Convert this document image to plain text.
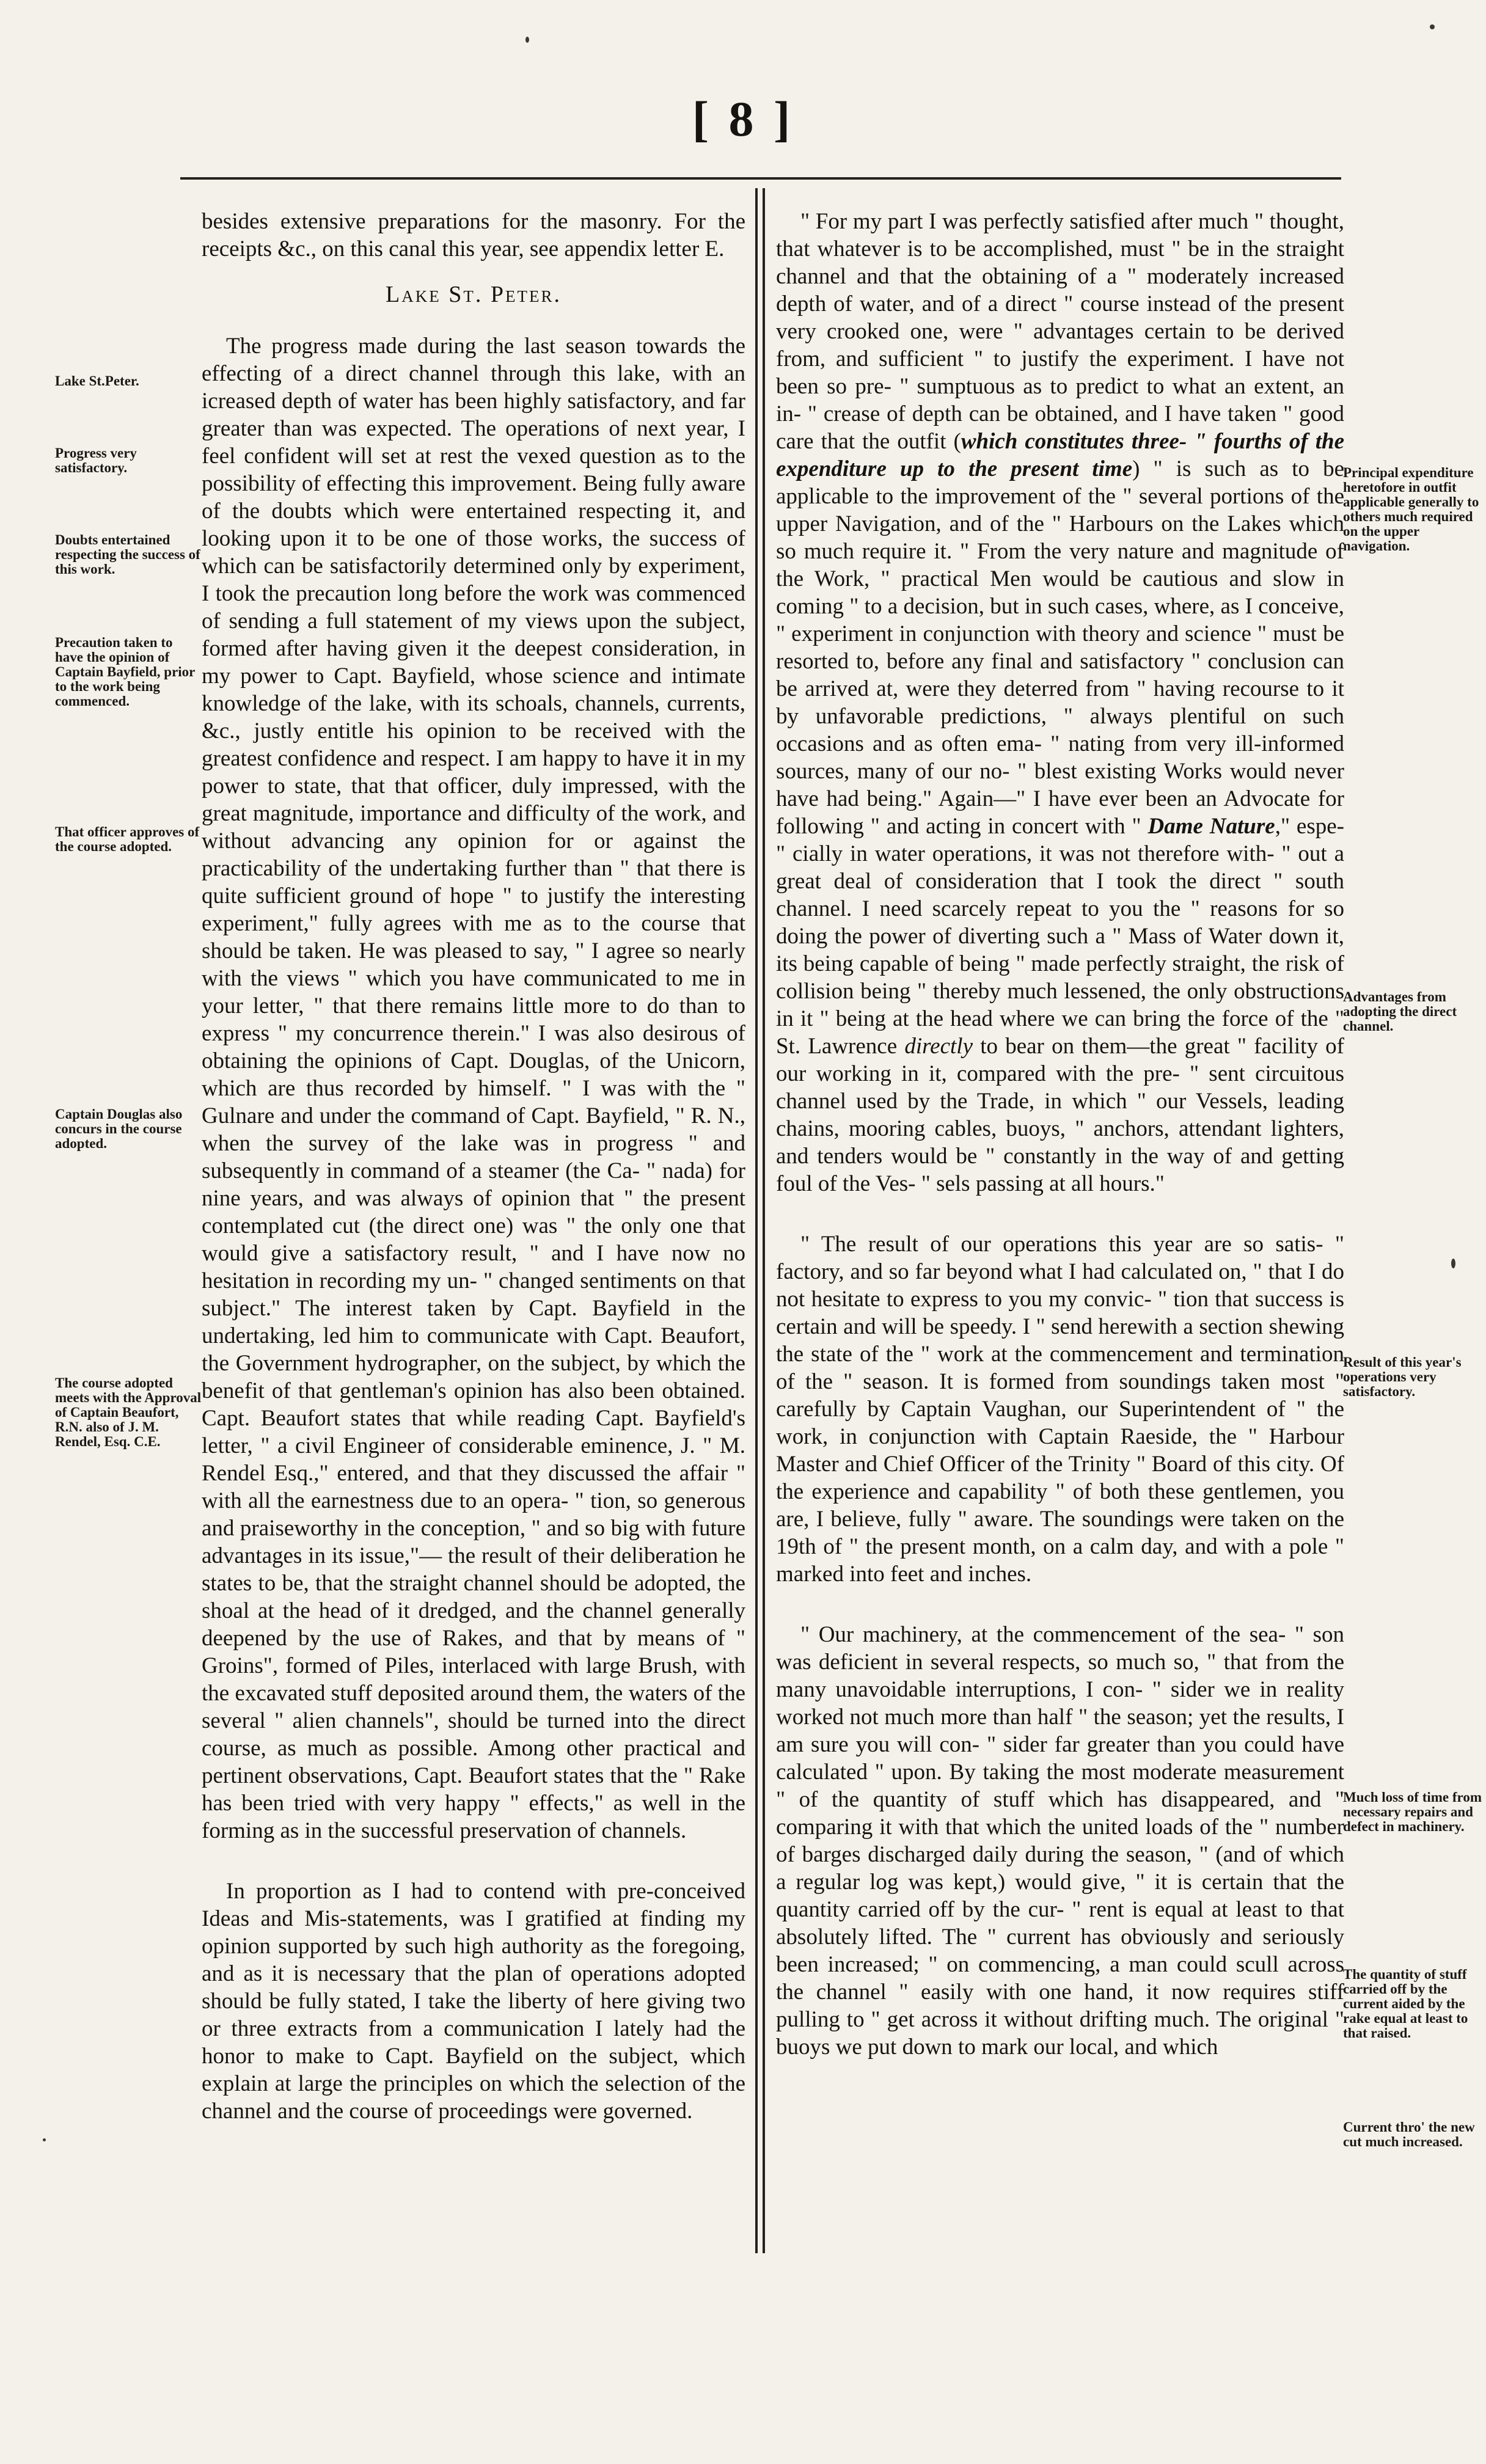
[ 8 ]

besides extensive preparations for the masonry. For the receipts &c., on this canal this year, see appendix letter E.

Lake St. Peter.

The progress made during the last season towards the effecting of a direct channel through this lake, with an icreased depth of water has been highly satisfactory, and far greater than was expected. The operations of next year, I feel confident will set at rest the vexed question as to the possibility of effecting this improvement. Being fully aware of the doubts which were entertained respecting it, and looking upon it to be one of those works, the success of which can be satisfactorily determined only by experiment, I took the precaution long before the work was commenced of sending a full statement of my views upon the subject, formed after having given it the deepest consideration, in my power to Capt. Bayfield, whose science and intimate knowledge of the lake, with its schoals, channels, currents, &c., justly entitle his opinion to be received with the greatest confidence and respect. I am happy to have it in my power to state, that that officer, duly impressed, with the great magnitude, importance and difficulty of the work, and without advancing any opinion for or against the practicability of the undertaking further than " that there is quite sufficient ground of hope " to justify the interesting experiment," fully agrees with me as to the course that should be taken. He was pleased to say, " I agree so nearly with the views " which you have communicated to me in your letter, " that there remains little more to do than to express " my concurrence therein." I was also desirous of obtaining the opinions of Capt. Douglas, of the Unicorn, which are thus recorded by himself. " I was with the " Gulnare and under the command of Capt. Bayfield, " R. N., when the survey of the lake was in progress " and subsequently in command of a steamer (the Ca- " nada) for nine years, and was always of opinion that " the present contemplated cut (the direct one) was " the only one that would give a satisfactory result, " and I have now no hesitation in recording my un- " changed sentiments on that subject." The interest taken by Capt. Bayfield in the undertaking, led him to communicate with Capt. Beaufort, the Government hydrographer, on the subject, by which the benefit of that gentleman's opinion has also been obtained. Capt. Beaufort states that while reading Capt. Bayfield's letter, " a civil Engineer of considerable eminence, J. " M. Rendel Esq.," entered, and that they discussed the affair " with all the earnestness due to an opera- " tion, so generous and praiseworthy in the conception, " and so big with future advantages in its issue,"— the result of their deliberation he states to be, that the straight channel should be adopted, the shoal at the head of it dredged, and the channel generally deepened by the use of Rakes, and that by means of " Groins", formed of Piles, interlaced with large Brush, with the excavated stuff deposited around them, the waters of the several " alien channels", should be turned into the direct course, as much as possible. Among other practical and pertinent observations, Capt. Beaufort states that the " Rake has been tried with very happy " effects," as well in the forming as in the successful preservation of channels.

In proportion as I had to contend with pre-conceived Ideas and Mis-statements, was I gratified at finding my opinion supported by such high authority as the foregoing, and as it is necessary that the plan of operations adopted should be fully stated, I take the liberty of here giving two or three extracts from a communication I lately had the honor to make to Capt. Bayfield on the subject, which explain at large the principles on which the selection of the channel and the course of proceedings were governed.

" For my part I was perfectly satisfied after much " thought, that whatever is to be accomplished, must " be in the straight channel and that the obtaining of a " moderately increased depth of water, and of a direct " course instead of the present very crooked one, were " advantages certain to be derived from, and sufficient " to justify the experiment. I have not been so pre- " sumptuous as to predict to what an extent, an in- " crease of depth can be obtained, and I have taken " good care that the outfit (which constitutes three- " fourths of the expenditure up to the present time) " is such as to be applicable to the improvement of the " several portions of the upper Navigation, and of the " Harbours on the Lakes which so much require it. " From the very nature and magnitude of the Work, " practical Men would be cautious and slow in coming " to a decision, but in such cases, where, as I conceive, " experiment in conjunction with theory and science " must be resorted to, before any final and satisfactory " conclusion can be arrived at, were they deterred from " having recourse to it by unfavorable predictions, " always plentiful on such occasions and as often ema- " nating from very ill-informed sources, many of our no- " blest existing Works would never have had being." Again—" I have ever been an Advocate for following " and acting in concert with " Dame Nature," espe- " cially in water operations, it was not therefore with- " out a great deal of consideration that I took the direct " south channel. I need scarcely repeat to you the " reasons for so doing the power of diverting such a " Mass of Water down it, its being capable of being " made perfectly straight, the risk of collision being " thereby much lessened, the only obstructions in it " being at the head where we can bring the force of the " St. Lawrence directly to bear on them—the great " facility of our working in it, compared with the pre- " sent circuitous channel used by the Trade, in which " our Vessels, leading chains, mooring cables, buoys, " anchors, attendant lighters, and tenders would be " constantly in the way of and getting foul of the Ves- " sels passing at all hours."

" The result of our operations this year are so satis- " factory, and so far beyond what I had calculated on, " that I do not hesitate to express to you my convic- " tion that success is certain and will be speedy. I " send herewith a section shewing the state of the " work at the commencement and termination of the " season. It is formed from soundings taken most " carefully by Captain Vaughan, our Superintendent of " the work, in conjunction with Captain Raeside, the " Harbour Master and Chief Officer of the Trinity " Board of this city. Of the experience and capability " of both these gentlemen, you are, I believe, fully " aware. The soundings were taken on the 19th of " the present month, on a calm day, and with a pole " marked into feet and inches.

" Our machinery, at the commencement of the sea- " son was deficient in several respects, so much so, " that from the many unavoidable interruptions, I con- " sider we in reality worked not much more than half " the season; yet the results, I am sure you will con- " sider far greater than you could have calculated " upon. By taking the most moderate measurement " of the quantity of stuff which has disappeared, and " comparing it with that which the united loads of the " number of barges discharged daily during the season, " (and of which a regular log was kept,) would give, " it is certain that the quantity carried off by the cur- " rent is equal at least to that absolutely lifted. The " current has obviously and seriously been increased; " on commencing, a man could scull across the channel " easily with one hand, it now requires stiff pulling to " get across it without drifting much. The original " buoys we put down to mark our local, and which

Lake St.Peter.
Progress very satisfactory.
Doubts entertained respecting the success of this work.
Precaution taken to have the opinion of Captain Bayfield, prior to the work being commenced.
That officer approves of the course adopted.
Captain Douglas also concurs in the course adopted.
The course adopted meets with the Approval of Captain Beaufort, R.N. also of J. M. Rendel, Esq. C.E.
Principal expenditure heretofore in outfit applicable generally to others much required on the upper navigation.
Advantages from adopting the direct channel.
Result of this year's operations very satisfactory.
Much loss of time from necessary repairs and defect in machinery.
The quantity of stuff carried off by the current aided by the rake equal at least to that raised.
Current thro' the new cut much increased.
